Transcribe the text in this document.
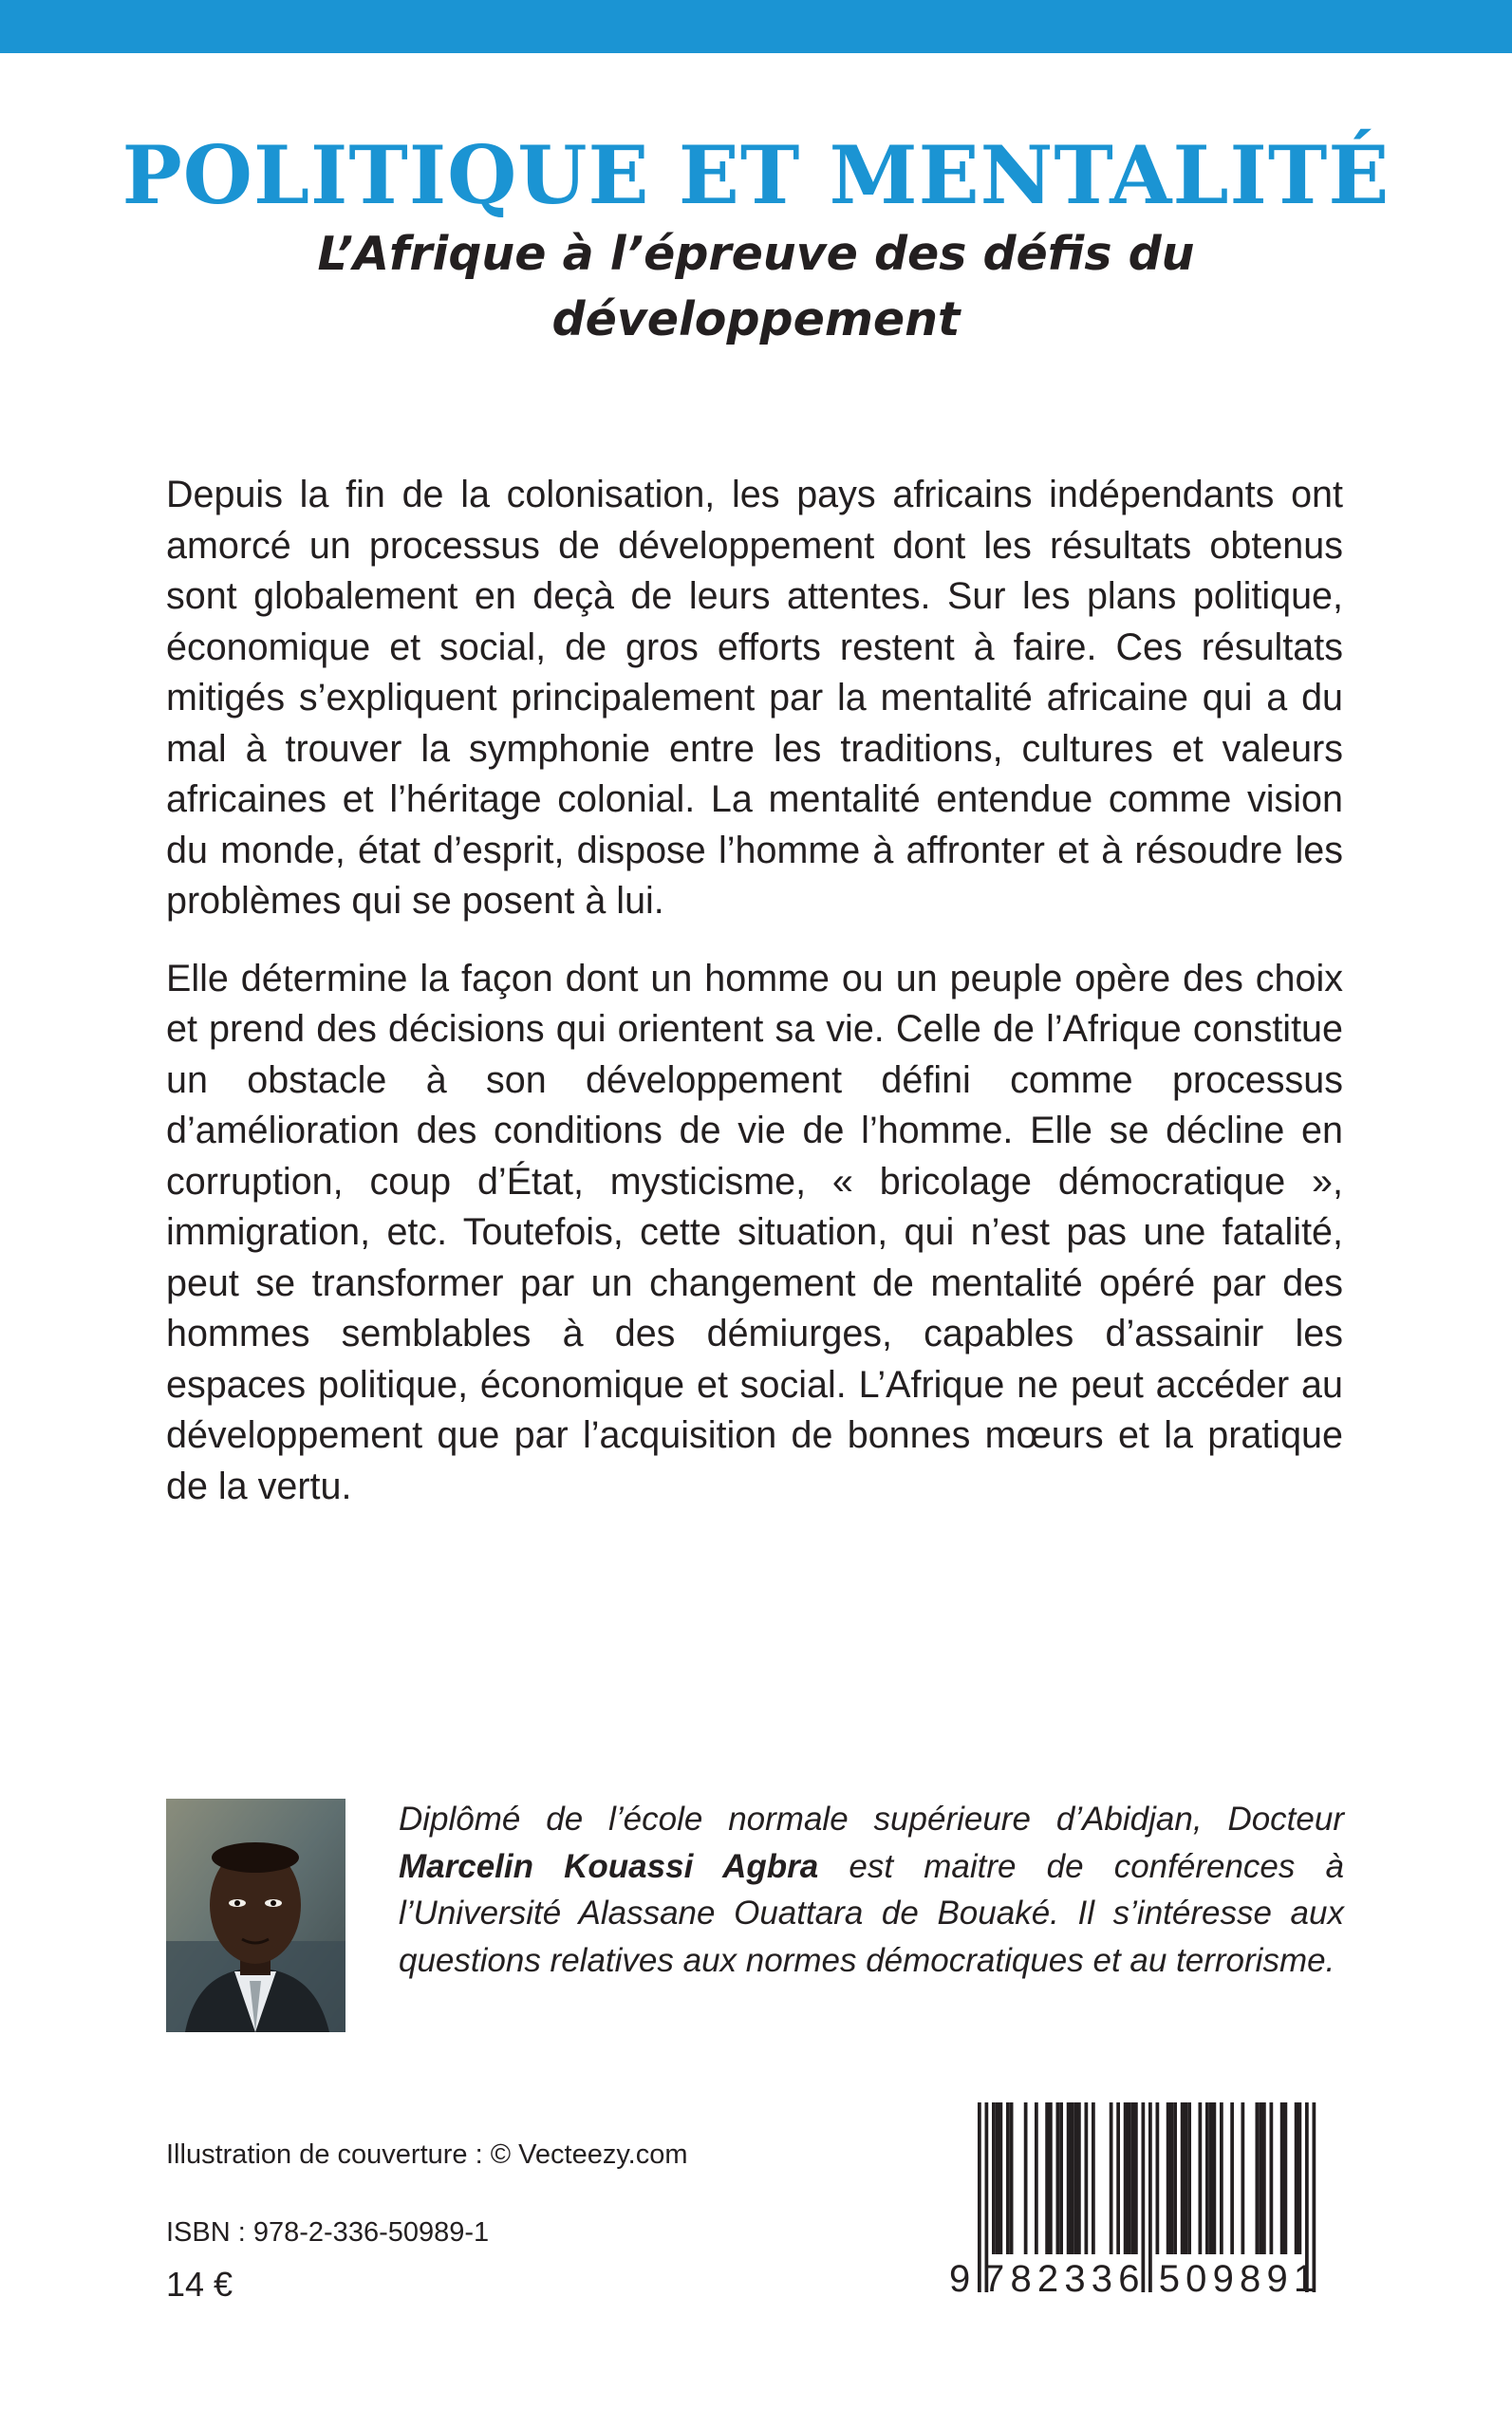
POLITIQUE ET MENTALITÉ
L’Afrique à l’épreuve des défis du développement

Depuis la fin de la colonisation, les pays africains indépendants ont amorcé un processus de développement dont les résultats obtenus sont globalement en deçà de leurs attentes. Sur les plans politique, économique et social, de gros efforts restent à faire. Ces résultats mitigés s’expliquent principalement par la mentalité africaine qui a du mal à trouver la symphonie entre les traditions, cultures et valeurs africaines et l’héritage colonial. La mentalité entendue comme vision du monde, état d’esprit, dispose l’homme à affronter et à résoudre les problèmes qui se posent à lui.

Elle détermine la façon dont un homme ou un peuple opère des choix et prend des décisions qui orientent sa vie. Celle de l’Afrique constitue un obstacle à son développement défini comme processus d’amélioration des conditions de vie de l’homme. Elle se décline en corruption, coup d’État, mysticisme, « bricolage démocratique », immigration, etc. Toutefois, cette situation, qui n’est pas une fatalité, peut se transformer par un changement de mentalité opéré par des hommes semblables à des démiurges, capables d’assainir les espaces politique, économique et social. L’Afrique ne peut accéder au développement que par l’acquisition de bonnes mœurs et la pratique de la vertu.

Diplômé de l’école normale supérieure d’Abidjan, Docteur Marcelin Kouassi Agbra est maitre de conférences à l’Université Alassane Ouattara de Bouaké. Il s’intéresse aux questions relatives aux normes démocratiques et au terrorisme.

Illustration de couverture : © Vecteezy.com

ISBN : 978-2-336-50989-1

14 €	9 782336 509891
